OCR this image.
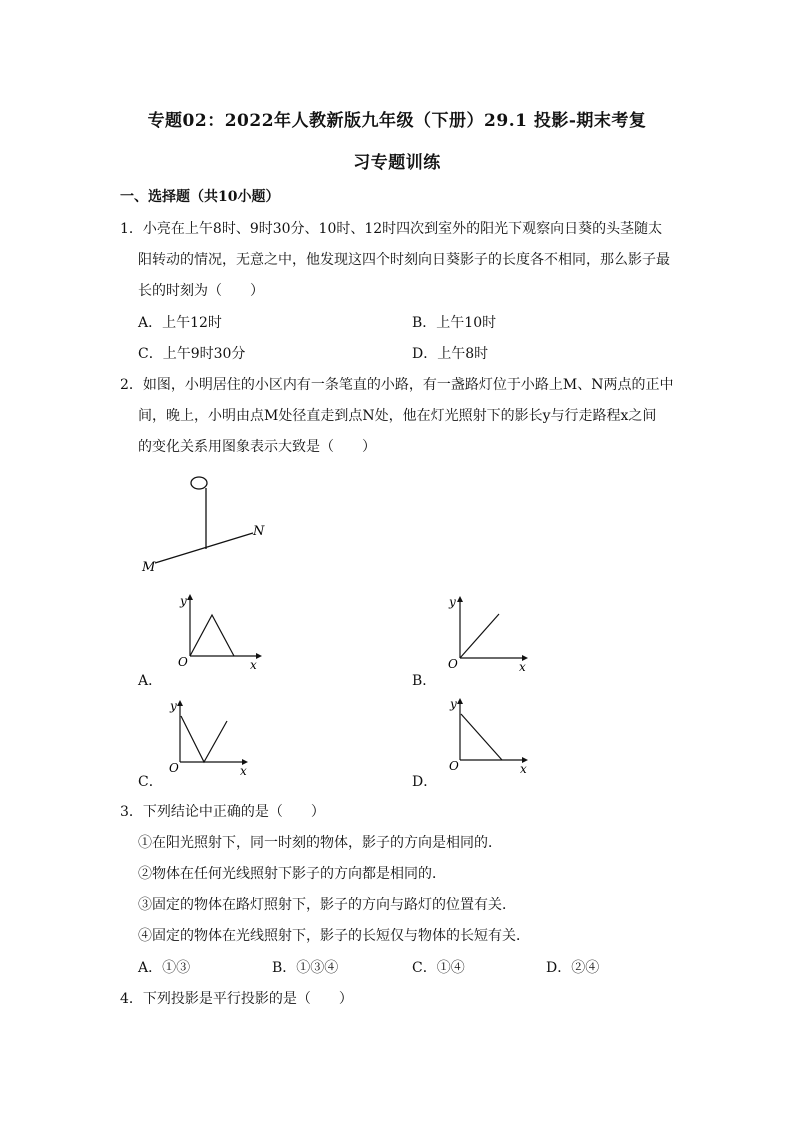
专题02：2022年人教新版九年级（下册）29.1 投影-期末考复
习专题训练
一、选择题（共10小题）
1．小亮在上午8时、9时30分、10时、12时四次到室外的阳光下观察向日葵的头茎随太
阳转动的情况，无意之中，他发现这四个时刻向日葵影子的长度各不相同，那么影子最
长的时刻为（　　）
A．上午12时	B．上午10时
C．上午9时30分	D．上午8时
2．如图，小明居住的小区内有一条笔直的小路，有一盏路灯位于小路上M、N两点的正中
间，晚上，小明由点M处径直走到点N处，他在灯光照射下的影长y与行走路程x之间
的变化关系用图象表示大致是（　　）
M
N
y
x
O
A．
y
x
O
B．
y
x
O
C．
y
x
O
D．
3．下列结论中正确的是（　　）
①在阳光照射下，同一时刻的物体，影子的方向是相同的．
②物体在任何光线照射下影子的方向都是相同的．
③固定的物体在路灯照射下，影子的方向与路灯的位置有关．
④固定的物体在光线照射下，影子的长短仅与物体的长短有关．
A．①③	B．①③④	C．①④	D．②④
4．下列投影是平行投影的是（　　）
